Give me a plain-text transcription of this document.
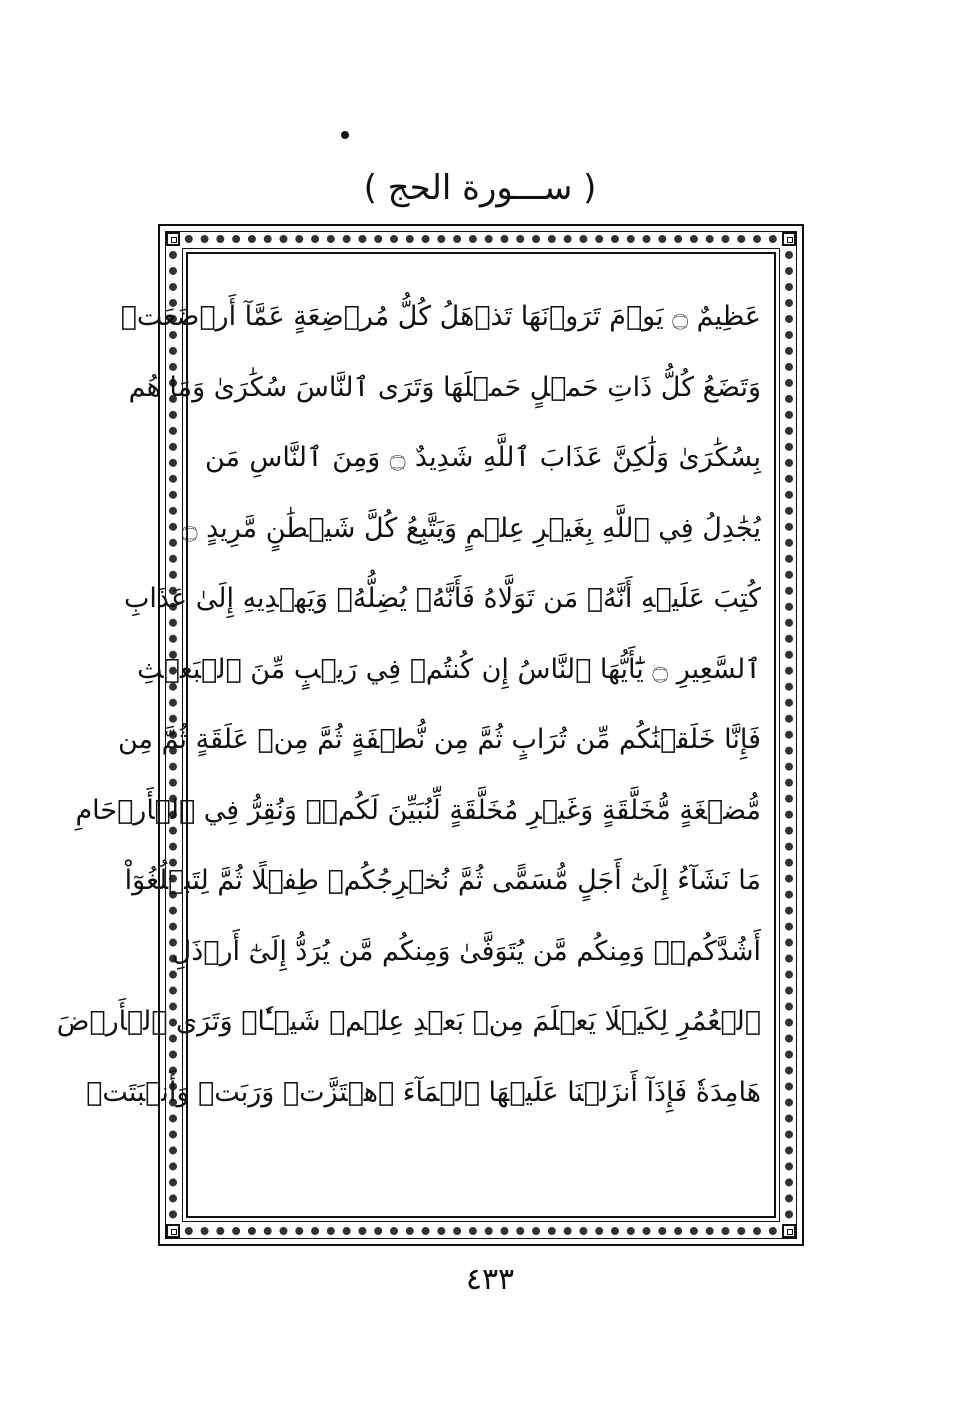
( ســـورة الحج )
عَظِيمٌ ۝ يَوۡمَ تَرَوۡنَهَا تَذۡهَلُ كُلُّ مُرۡضِعَةٍ عَمَّآ أَرۡضَعَتۡ
وَتَضَعُ كُلُّ ذَاتِ حَمۡلٍ حَمۡلَهَا وَتَرَى ٱلنَّاسَ سُكَٰرَىٰ وَمَا هُم
بِسُكَٰرَىٰ وَلَٰكِنَّ عَذَابَ ٱللَّهِ شَدِيدٌ ۝ وَمِنَ ٱلنَّاسِ مَن
يُجَٰدِلُ فِي ٱللَّهِ بِغَيۡرِ عِلۡمٍ وَيَتَّبِعُ كُلَّ شَيۡطَٰنٍ مَّرِيدٍ ۝
كُتِبَ عَلَيۡهِ أَنَّهُۥ مَن تَوَلَّاهُ فَأَنَّهُۥ يُضِلُّهُۥ وَيَهۡدِيهِ إِلَىٰ عَذَابِ
ٱلسَّعِيرِ ۝ يَٰٓأَيُّهَا ٱلنَّاسُ إِن كُنتُمۡ فِي رَيۡبٍ مِّنَ ٱلۡبَعۡثِ
فَإِنَّا خَلَقۡنَٰكُم مِّن تُرَابٍ ثُمَّ مِن نُّطۡفَةٍ ثُمَّ مِنۡ عَلَقَةٍ ثُمَّ مِن
مُّضۡغَةٍ مُّخَلَّقَةٍ وَغَيۡرِ مُخَلَّقَةٍ لِّنُبَيِّنَ لَكُمۡۚ وَنُقِرُّ فِي ٱلۡأَرۡحَامِ
مَا نَشَآءُ إِلَىٰٓ أَجَلٍ مُّسَمًّى ثُمَّ نُخۡرِجُكُمۡ طِفۡلًا ثُمَّ لِتَبۡلُغُوٓاْ
أَشُدَّكُمۡۖ وَمِنكُم مَّن يُتَوَفَّىٰ وَمِنكُم مَّن يُرَدُّ إِلَىٰٓ أَرۡذَلِ
ٱلۡعُمُرِ لِكَيۡلَا يَعۡلَمَ مِنۢ بَعۡدِ عِلۡمٖ شَيۡـٔٗاۚ وَتَرَى ٱلۡأَرۡضَ
هَامِدَةٗ فَإِذَآ أَنزَلۡنَا عَلَيۡهَا ٱلۡمَآءَ ٱهۡتَزَّتۡ وَرَبَتۡ وَأَنۢبَتَتۡ
٤٣٣
